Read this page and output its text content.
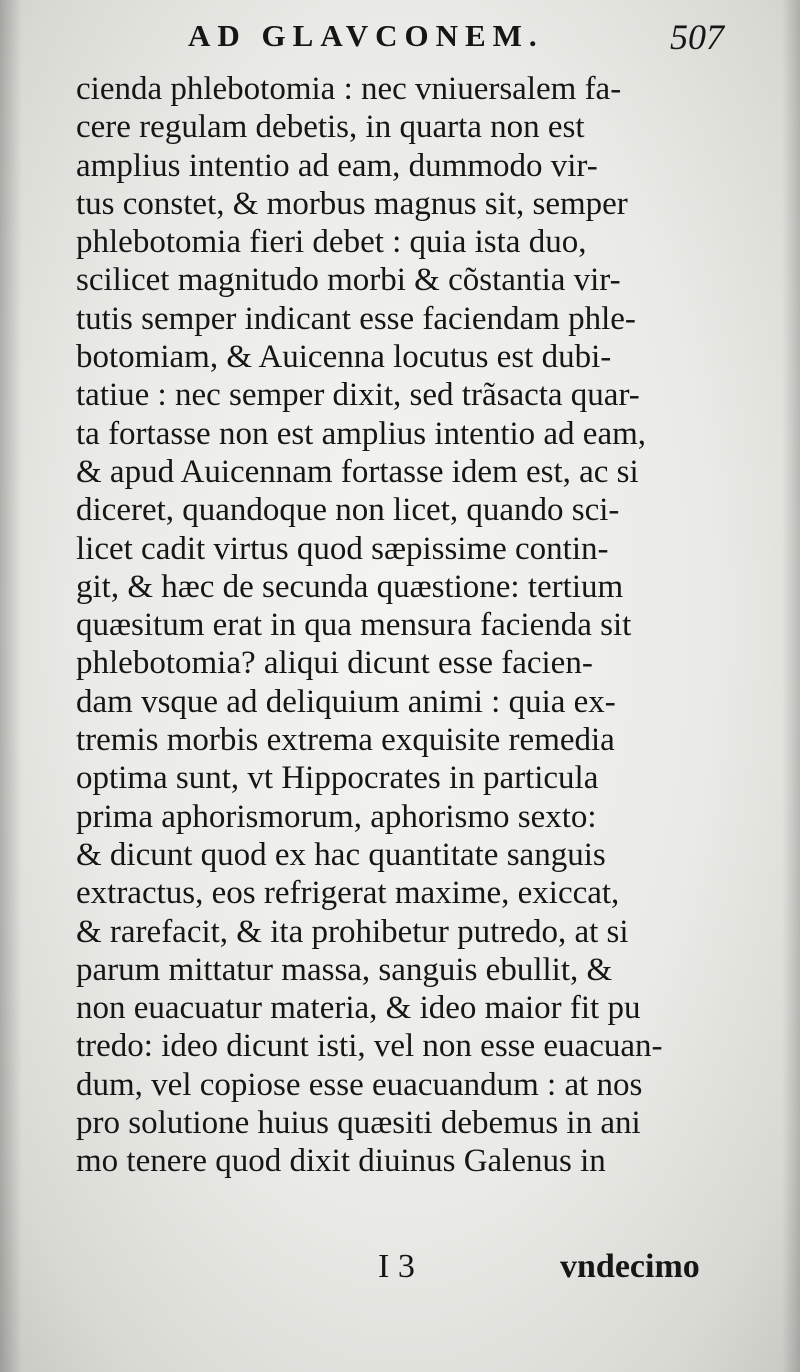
AD GLAVCONEM.	507
cienda phlebotomia : nec vniuersalem fa-
cere regulam debetis, in quarta non est
amplius intentio ad eam, dummodo vir-
tus constet, & morbus magnus sit, semper
phlebotomia fieri debet : quia ista duo,
scilicet magnitudo morbi & cõstantia vir-
tutis semper indicant esse faciendam phle-
botomiam, & Auicenna locutus est dubi-
tatiue : nec semper dixit, sed trãsacta quar-
ta fortasse non est amplius intentio ad eam,
& apud Auicennam fortasse idem est, ac si
diceret, quandoque non licet, quando sci-
licet cadit virtus quod sæpissime contin-
git, & hæc de secunda quæstione: tertium
quæsitum erat in qua mensura facienda sit
phlebotomia? aliqui dicunt esse facien-
dam vsque ad deliquium animi : quia ex-
tremis morbis extrema exquisite remedia
optima sunt, vt Hippocrates in particula
prima aphorismorum, aphorismo sexto:
& dicunt quod ex hac quantitate sanguis
extractus, eos refrigerat maxime, exiccat,
& rarefacit, & ita prohibetur putredo, at si
parum mittatur massa, sanguis ebullit, &
non euacuatur materia, & ideo maior fit pu
tredo: ideo dicunt isti, vel non esse euacuan-
dum, vel copiose esse euacuandum : at nos
pro solutione huius quæsiti debemus in ani
mo tenere quod dixit diuinus Galenus in
I 3	vndecimo
